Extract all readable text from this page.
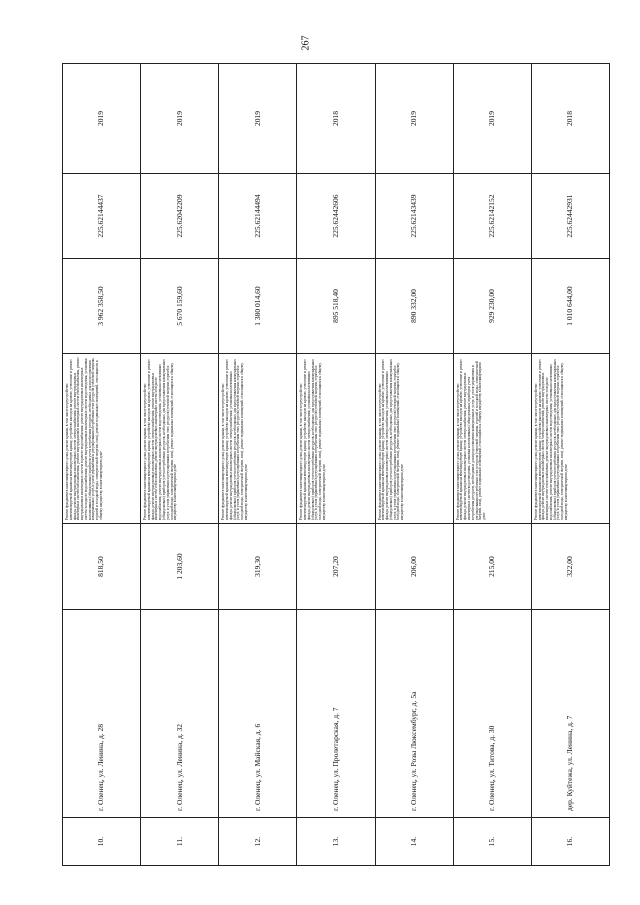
267
10.	г. Оленец, ул. Ленина, д. 28	818,50	Ремонт фундамента многоквартирного дома, ремонт крыши, в том числе переустройство невентилируемой крыши на вентилируемую крышу, устройство выходов на кровлю, утепление и ремонт фасада, ремонт внутридомовых инженерных систем электроснабжения, ремонт внутридомовых инженерных систем газоснабжения, ремонт внутридомовых инженерных систем теплоснабжения, ремонт внутридомовых инженерных систем горячего водоснабжения, ремонт внутридомовых инженерных систем холодного водоснабжения, ремонт внутридомовых инженерных систем водоотведения, установка коллективных (общедомовых) приборов учета потребления ресурсов, необходимых для предоставления коммунальных услуг, и узлов управления и регулирования потребления этих ресурсов (тепловой энергии, горячей и холодной воды, электрической энергии, газа), ремонт подвальных помещений, относящихся к общему имуществу в многоквартирном доме	3 962 358,50	225.62144437	2019
11.	г. Оленец, ул. Ленина, д. 32	1 203,60	Ремонт фундамента многоквартирного дома, ремонт крыши, в том числе переустройство невентилируемой крыши на вентилируемую крышу, устройство выходов на кровлю, утепление и ремонт фасада, ремонт внутридомовых инженерных систем электроснабжения, ремонт внутридомовых инженерных систем теплоснабжения, ремонт внутридомовых инженерных систем холодного водоснабжения, ремонт внутридомовых инженерных систем водоотведения, установка коллективных (общедомовых) приборов учета потребления ресурсов, необходимых для предоставления коммунальных услуг, и узлов управления и регулирования потребления этих ресурсов (тепловой энергии, горячей и холодной воды, электрической энергии, газа), ремонт подвальных помещений, относящихся к общему имуществу в многоквартирном доме	5 670 159,60	225.62042209	2019
12.	г. Оленец, ул. Майская, д. 6	319,30	Ремонт фундамента многоквартирного дома, ремонт крыши, в том числе переустройство невентилируемой крыши на вентилируемую крышу, устройство выходов на кровлю, утепление и ремонт фасада, ремонт внутридомовых инженерных систем электроснабжения, установка коллективных (общедомовых) приборов учета потребления ресурсов, необходимых для предоставления коммунальных услуг, и узлов управления и регулирования потребления этих ресурсов (тепловой энергии, горячей и холодной воды, электрической энергии, газа), ремонт подвальных помещений, относящихся к общему имуществу в многоквартирном доме	1 380 014,60	225.62144494	2019
13.	г. Оленец, ул. Пролетарская, д. 7	207,20	Ремонт фундамента многоквартирного дома, ремонт крыши, в том числе переустройство невентилируемой крыши на вентилируемую крышу, устройство выходов на кровлю, утепление и ремонт фасада, ремонт внутридомовых инженерных систем электроснабжения, установка коллективных (общедомовых) приборов учета потребления ресурсов, необходимых для предоставления коммунальных услуг, и узлов управления и регулирования потребления этих ресурсов (тепловой энергии, горячей и холодной воды, электрической энергии, газа), ремонт подвальных помещений, относящихся к общему имуществу в многоквартирном доме	895 518,40	225.62442606	2018
14.	г. Оленец, ул. Розы Люксембург, д. 5а	206,00	Ремонт фундамента многоквартирного дома, ремонт крыши, в том числе переустройство невентилируемой крыши на вентилируемую крышу, устройство выходов на кровлю, утепление и ремонт фасада, ремонт внутридомовых инженерных систем электроснабжения, установка коллективных (общедомовых) приборов учета потребления ресурсов, необходимых для предоставления коммунальных услуг, и узлов управления и регулирования потребления этих ресурсов (тепловой энергии, горячей и холодной воды, электрической энергии, газа), ремонт подвальных помещений, относящихся к общему имуществу в многоквартирном доме	890 332,00	225.62143439	2019
15.	г. Оленец, ул. Титова, д. 30	215,00	Ремонт фундамента многоквартирного дома, ремонт крыши, в том числе переустройство невентилируемой крыши на вентилируемую крышу, устройство выходов на кровлю, утепление и ремонт фасада, ремонт внутридомовых инженерных систем электроснабжения, ремонт внутридомовых инженерных систем водоотведения, установка коллективных (общедомовых) приборов учета потребления ресурсов, необходимых для предоставления коммунальных услуг, и узлов управления и регулирования потребления этих ресурсов (тепловой энергии, горячей и холодной воды, электрической энергии, газа), ремонт подвальных помещений, относящихся к общему имуществу в многоквартирном доме	929 230,00	225.62142152	2019
16.	дер. Куйтежа, ул. Ленина, д. 7	322,00	Ремонт фундамента многоквартирного дома, ремонт крыши, в том числе переустройство невентилируемой крыши на вентилируемую крышу, устройство выходов на кровлю, утепление и ремонт фасада, ремонт внутридомовых инженерных систем электроснабжения, ремонт внутридомовых инженерных систем теплоснабжения, ремонт внутридомовых инженерных систем холодного водоснабжения, ремонт внутридомовых инженерных систем водоотведения, установка коллективных (общедомовых) приборов учета потребления ресурсов, необходимых для предоставления коммунальных услуг, и узлов управления и регулирования потребления этих ресурсов (тепловой энергии, горячей и холодной воды, электрической энергии, газа), ремонт подвальных помещений, относящихся к общему имуществу в многоквартирном доме	1 010 644,00	225.62442931	2018
